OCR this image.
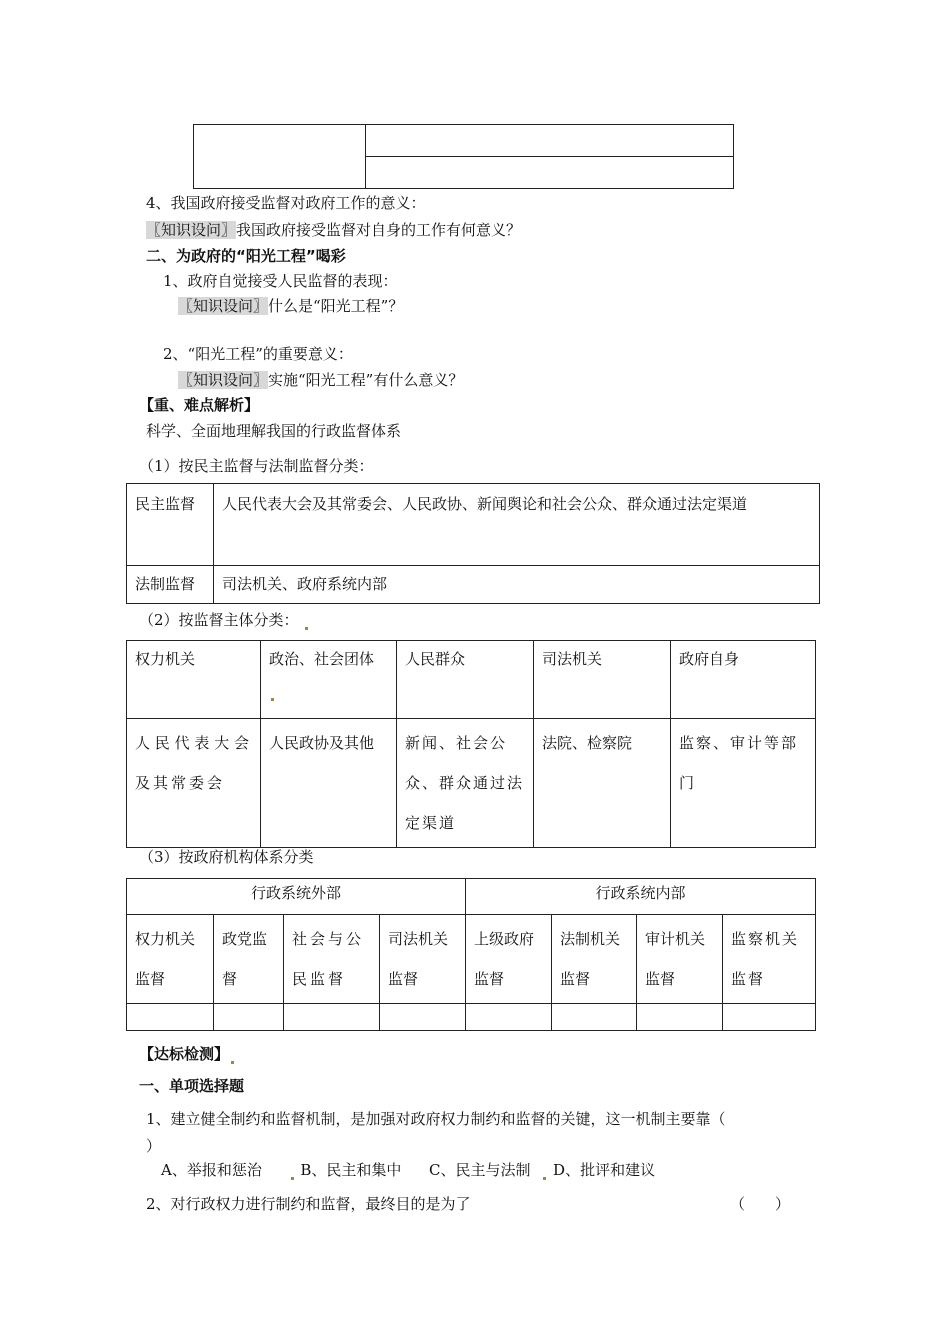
4、我国政府接受监督对政府工作的意义：
〖知识设问〗我国政府接受监督对自身的工作有何意义？
二、为政府的“阳光工程”喝彩
1、政府自觉接受人民监督的表现：
〖知识设问〗什么是“阳光工程”？
2、“阳光工程”的重要意义：
〖知识设问〗实施“阳光工程”有什么意义？
【重、难点解析】
科学、全面地理解我国的行政监督体系
（1）按民主监督与法制监督分类：
民主监督	人民代表大会及其常委会、人民政协、新闻舆论和社会公众、群众通过法定渠道
法制监督	司法机关、政府系统内部
（2）按监督主体分类：
权力机关	政治、社会团体	人民群众	司法机关	政府自身
人民代表大会及其常委会	人民政协及其他	新闻、社会公众、群众通过法定渠道	法院、检察院	监察、审计等部门
（3）按政府机构体系分类
行政系统外部				行政系统内部			
权力机关监督	政党监督	社会与公民监督	司法机关监督	上级政府监督	法制机关监督	审计机关监督	监察机关监督

【达标检测】
一、单项选择题
1、建立健全制约和监督机制，是加强对政府权力制约和监督的关键，这一机制主要靠（
）
A、举报和惩治	B、民主和集中 C、民主与法制 D、批评和建议
2、对行政权力进行制约和监督，最终目的是为了	（　　）
